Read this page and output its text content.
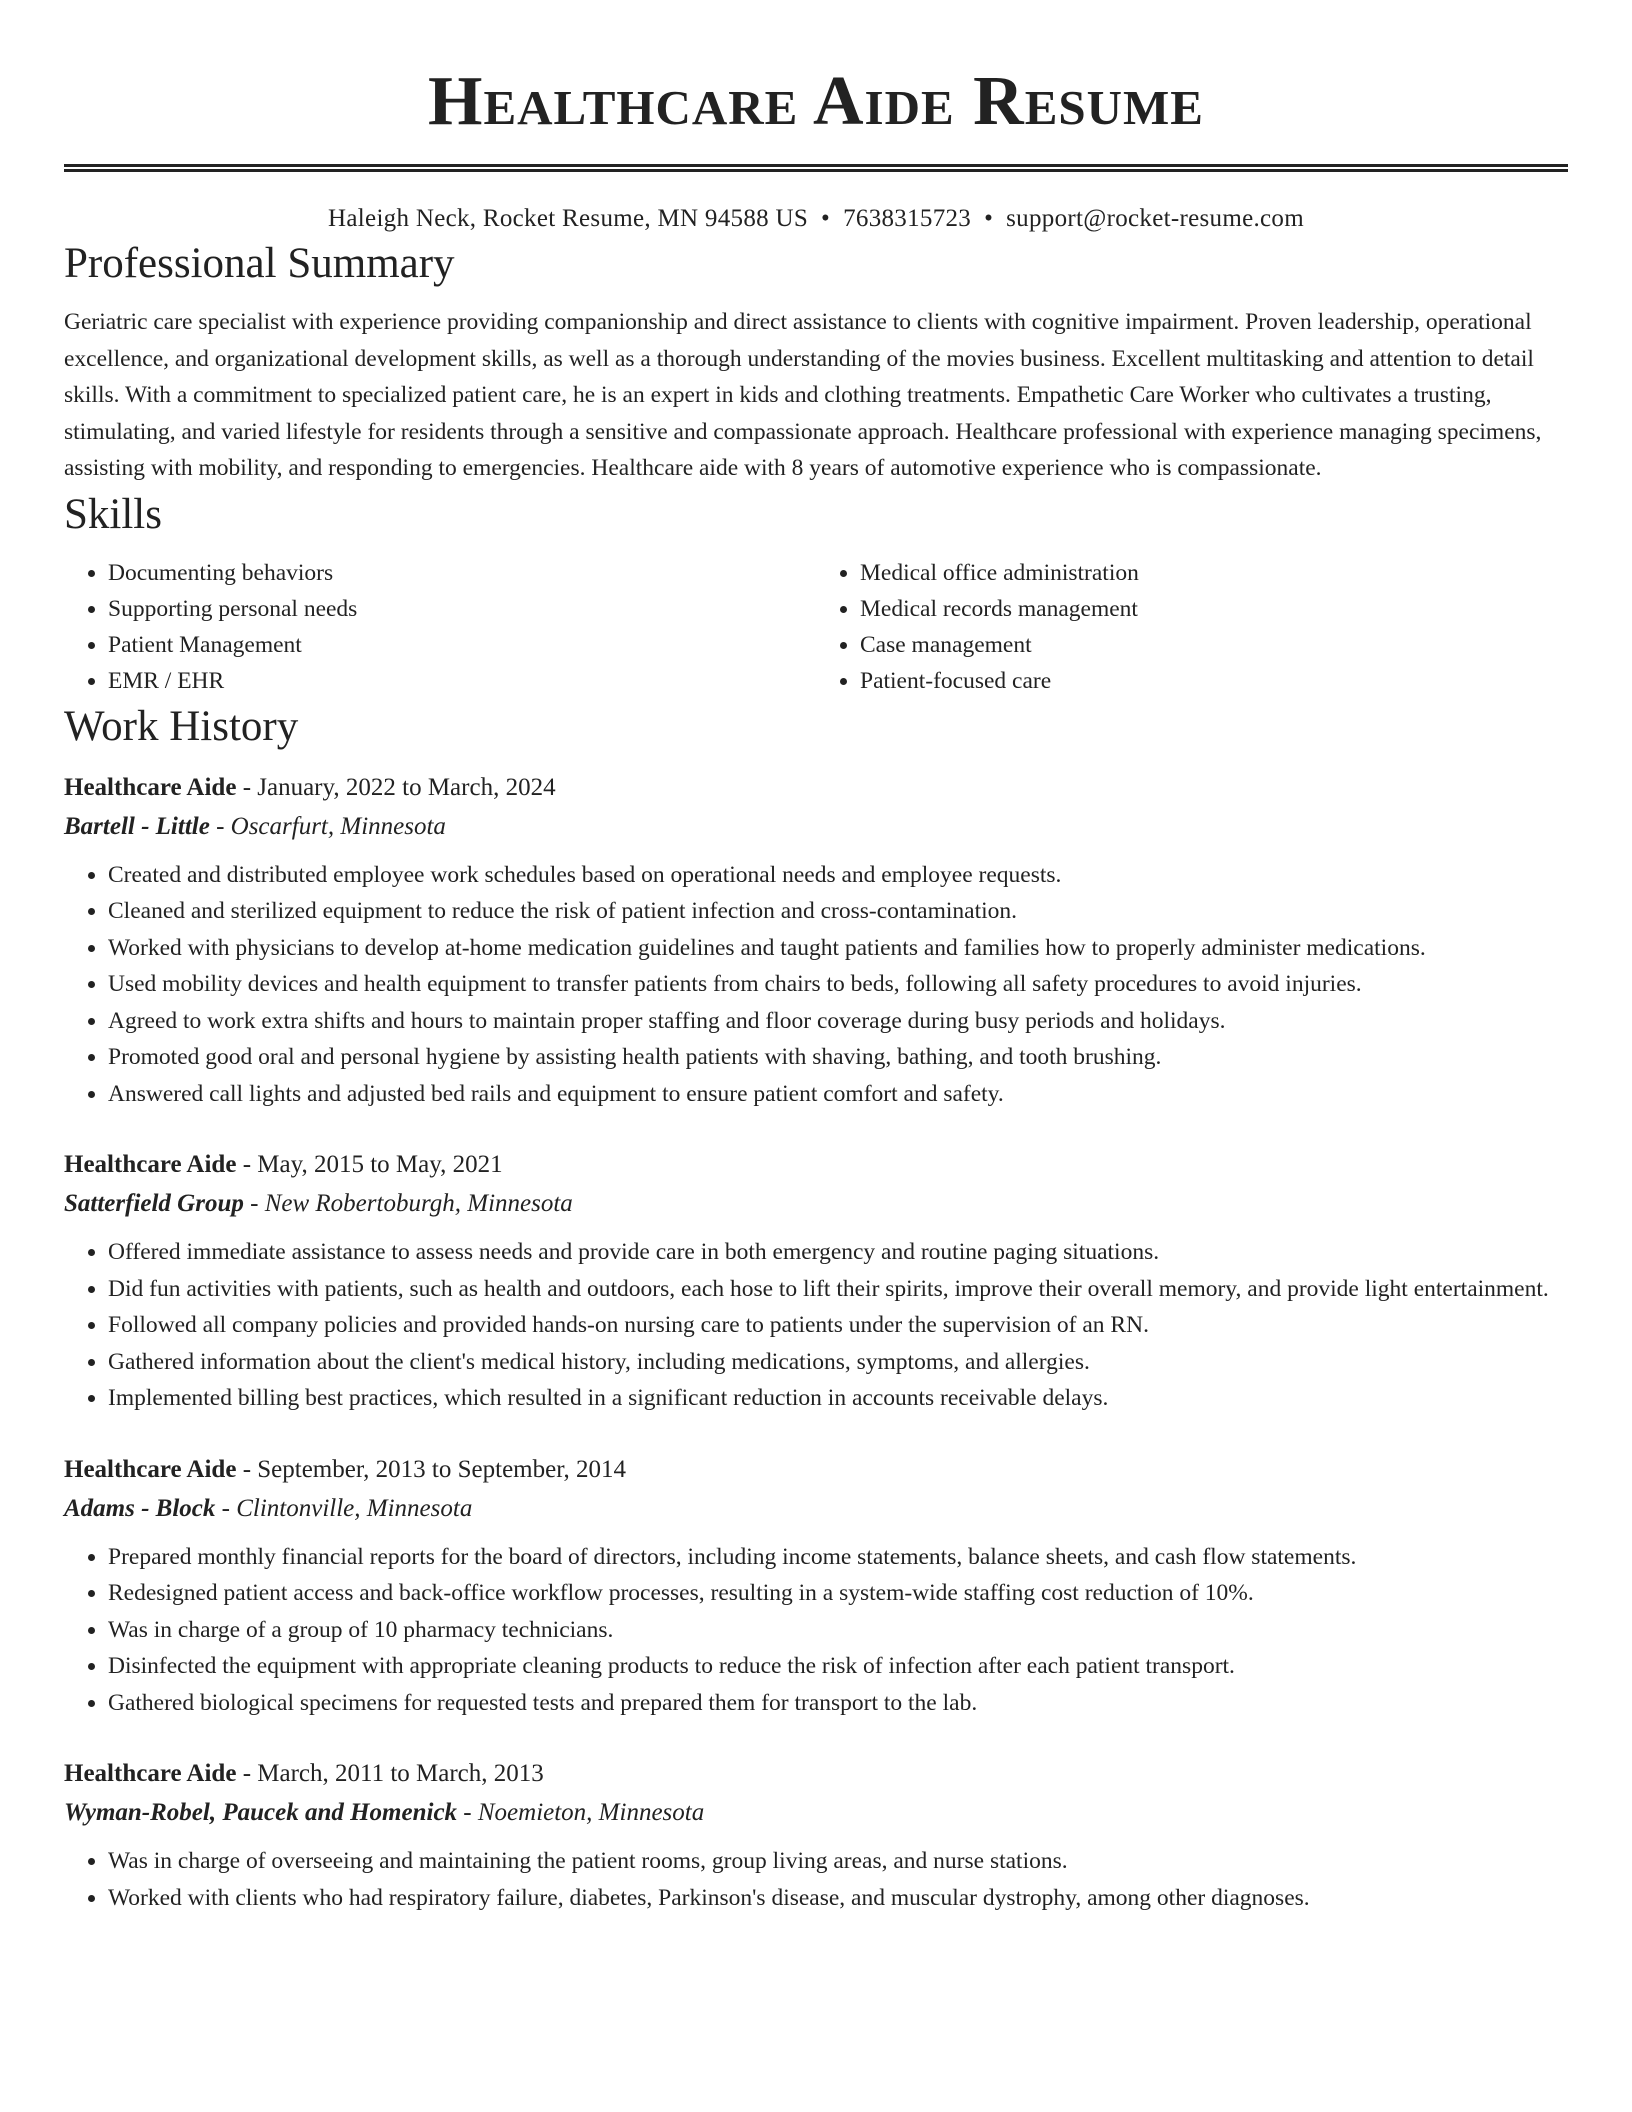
Healthcare Aide Resume
Haleigh Neck, Rocket Resume, MN 94588 US • 7638315723 • support@rocket-resume.com
Professional Summary

Geriatric care specialist with experience providing companionship and direct assistance to clients with cognitive impairment. Proven leadership, operational excellence, and organizational development skills, as well as a thorough understanding of the movies business. Excellent multitasking and attention to detail skills. With a commitment to specialized patient care, he is an expert in kids and clothing treatments. Empathetic Care Worker who cultivates a trusting, stimulating, and varied lifestyle for residents through a sensitive and compassionate approach. Healthcare professional with experience managing specimens, assisting with mobility, and responding to emergencies. Healthcare aide with 8 years of automotive experience who is compassionate.

Skills
• Documenting behaviors
• Supporting personal needs
• Patient Management
• EMR / EHR
• Medical office administration
• Medical records management
• Case management
• Patient-focused care
Work History
Healthcare Aide - January, 2022 to March, 2024
Bartell - Little - Oscarfurt, Minnesota
• Created and distributed employee work schedules based on operational needs and employee requests.
• Cleaned and sterilized equipment to reduce the risk of patient infection and cross-contamination.
• Worked with physicians to develop at-home medication guidelines and taught patients and families how to properly administer medications.
• Used mobility devices and health equipment to transfer patients from chairs to beds, following all safety procedures to avoid injuries.
• Agreed to work extra shifts and hours to maintain proper staffing and floor coverage during busy periods and holidays.
• Promoted good oral and personal hygiene by assisting health patients with shaving, bathing, and tooth brushing.
• Answered call lights and adjusted bed rails and equipment to ensure patient comfort and safety.
Healthcare Aide - May, 2015 to May, 2021
Satterfield Group - New Robertoburgh, Minnesota
• Offered immediate assistance to assess needs and provide care in both emergency and routine paging situations.
• Did fun activities with patients, such as health and outdoors, each hose to lift their spirits, improve their overall memory, and provide light entertainment.
• Followed all company policies and provided hands-on nursing care to patients under the supervision of an RN.
• Gathered information about the client's medical history, including medications, symptoms, and allergies.
• Implemented billing best practices, which resulted in a significant reduction in accounts receivable delays.
Healthcare Aide - September, 2013 to September, 2014
Adams - Block - Clintonville, Minnesota
• Prepared monthly financial reports for the board of directors, including income statements, balance sheets, and cash flow statements.
• Redesigned patient access and back-office workflow processes, resulting in a system-wide staffing cost reduction of 10%.
• Was in charge of a group of 10 pharmacy technicians.
• Disinfected the equipment with appropriate cleaning products to reduce the risk of infection after each patient transport.
• Gathered biological specimens for requested tests and prepared them for transport to the lab.
Healthcare Aide - March, 2011 to March, 2013
Wyman-Robel, Paucek and Homenick - Noemieton, Minnesota
• Was in charge of overseeing and maintaining the patient rooms, group living areas, and nurse stations.
• Worked with clients who had respiratory failure, diabetes, Parkinson's disease, and muscular dystrophy, among other diagnoses.
